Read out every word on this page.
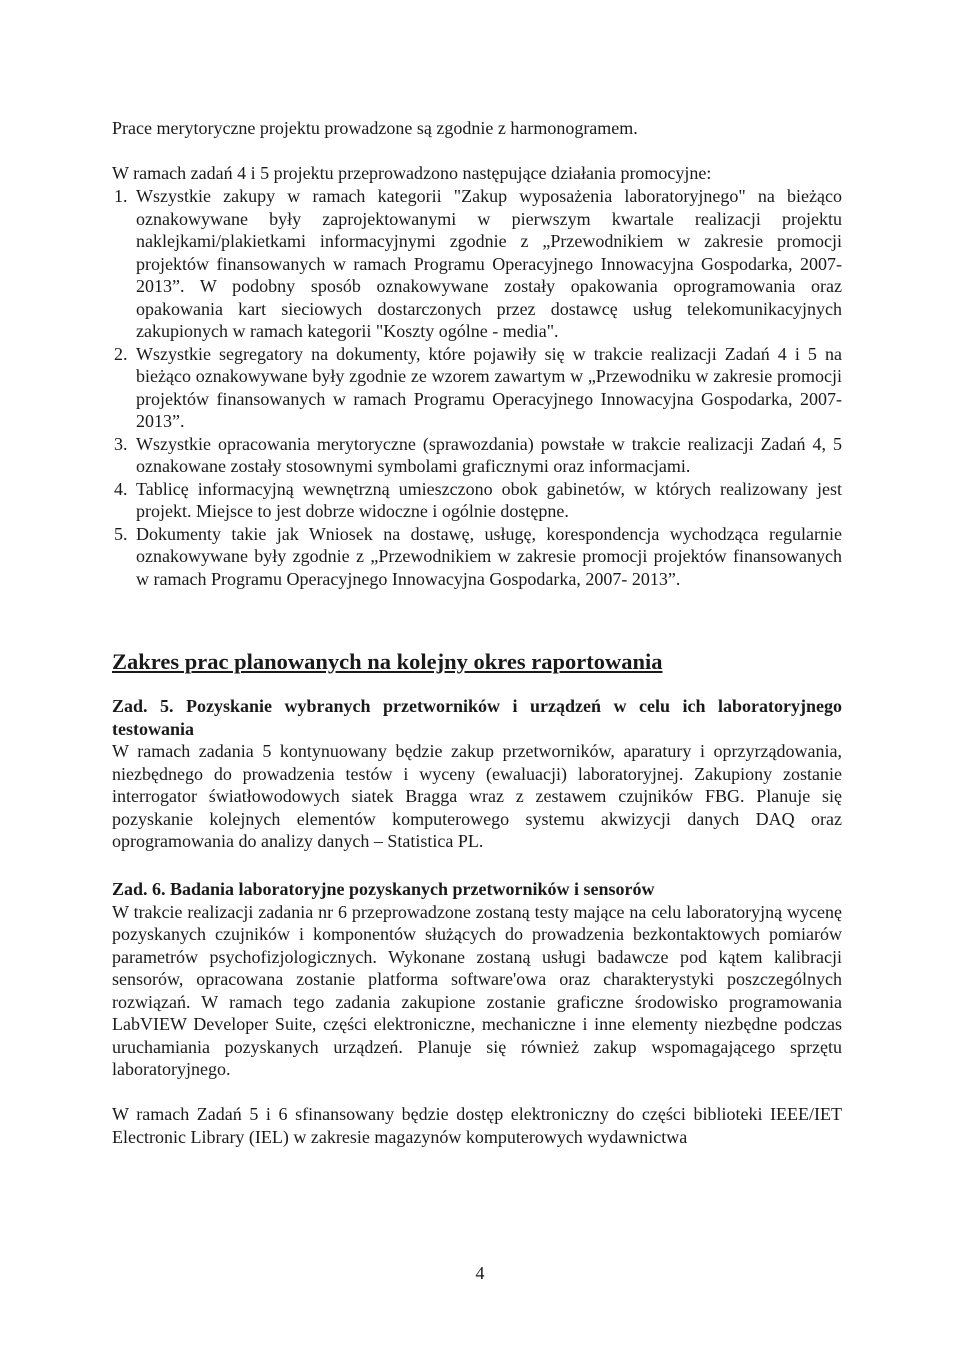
Prace merytoryczne projektu prowadzone są zgodnie z harmonogramem.

W ramach zadań 4 i 5 projektu przeprowadzono następujące działania promocyjne:

1. Wszystkie zakupy w ramach kategorii "Zakup wyposażenia laboratoryjnego" na bieżąco oznakowywane były zaprojektowanymi w pierwszym kwartale realizacji projektu naklejkami/plakietkami informacyjnymi zgodnie z „Przewodnikiem w zakresie promocji projektów finansowanych w ramach Programu Operacyjnego Innowacyjna Gospodarka, 2007- 2013”. W podobny sposób oznakowywane zostały opakowania oprogramowania oraz opakowania kart sieciowych dostarczonych przez dostawcę usług telekomunikacyjnych zakupionych w ramach kategorii "Koszty ogólne - media".
2. Wszystkie segregatory na dokumenty, które pojawiły się w trakcie realizacji Zadań 4 i 5 na bieżąco oznakowywane były zgodnie ze wzorem zawartym w „Przewodniku w zakresie promocji projektów finansowanych w ramach Programu Operacyjnego Innowacyjna Gospodarka, 2007- 2013”.
3. Wszystkie opracowania merytoryczne (sprawozdania) powstałe w trakcie realizacji Zadań 4, 5 oznakowane zostały stosownymi symbolami graficznymi oraz informacjami.
4. Tablicę informacyjną wewnętrzną umieszczono obok gabinetów, w których realizowany jest projekt. Miejsce to jest dobrze widoczne i ogólnie dostępne.
5. Dokumenty takie jak Wniosek na dostawę, usługę, korespondencja wychodząca regularnie oznakowywane były zgodnie z „Przewodnikiem w zakresie promocji projektów finansowanych w ramach Programu Operacyjnego Innowacyjna Gospodarka, 2007- 2013”.
Zakres prac planowanych na kolejny okres raportowania

Zad. 5. Pozyskanie wybranych przetworników i urządzeń w celu ich laboratoryjnego testowania

W ramach zadania 5 kontynuowany będzie zakup przetworników, aparatury i oprzyrządowania, niezbędnego do prowadzenia testów i wyceny (ewaluacji) laboratoryjnej. Zakupiony zostanie interrogator światłowodowych siatek Bragga wraz z zestawem czujników FBG. Planuje się pozyskanie kolejnych elementów komputerowego systemu akwizycji danych DAQ oraz oprogramowania do analizy danych – Statistica PL.

Zad. 6. Badania laboratoryjne pozyskanych przetworników i sensorów

W trakcie realizacji zadania nr 6 przeprowadzone zostaną testy mające na celu laboratoryjną wycenę pozyskanych czujników i komponentów służących do prowadzenia bezkontaktowych pomiarów parametrów psychofizjologicznych. Wykonane zostaną usługi badawcze pod kątem kalibracji sensorów, opracowana zostanie platforma software'owa oraz charakterystyki poszczególnych rozwiązań. W ramach tego zadania zakupione zostanie graficzne środowisko programowania LabVIEW Developer Suite, części elektroniczne, mechaniczne i inne elementy niezbędne podczas uruchamiania pozyskanych urządzeń. Planuje się również zakup wspomagającego sprzętu laboratoryjnego.

W ramach Zadań 5 i 6 sfinansowany będzie dostęp elektroniczny do części biblioteki IEEE/IET Electronic Library (IEL) w zakresie magazynów komputerowych wydawnictwa

4
